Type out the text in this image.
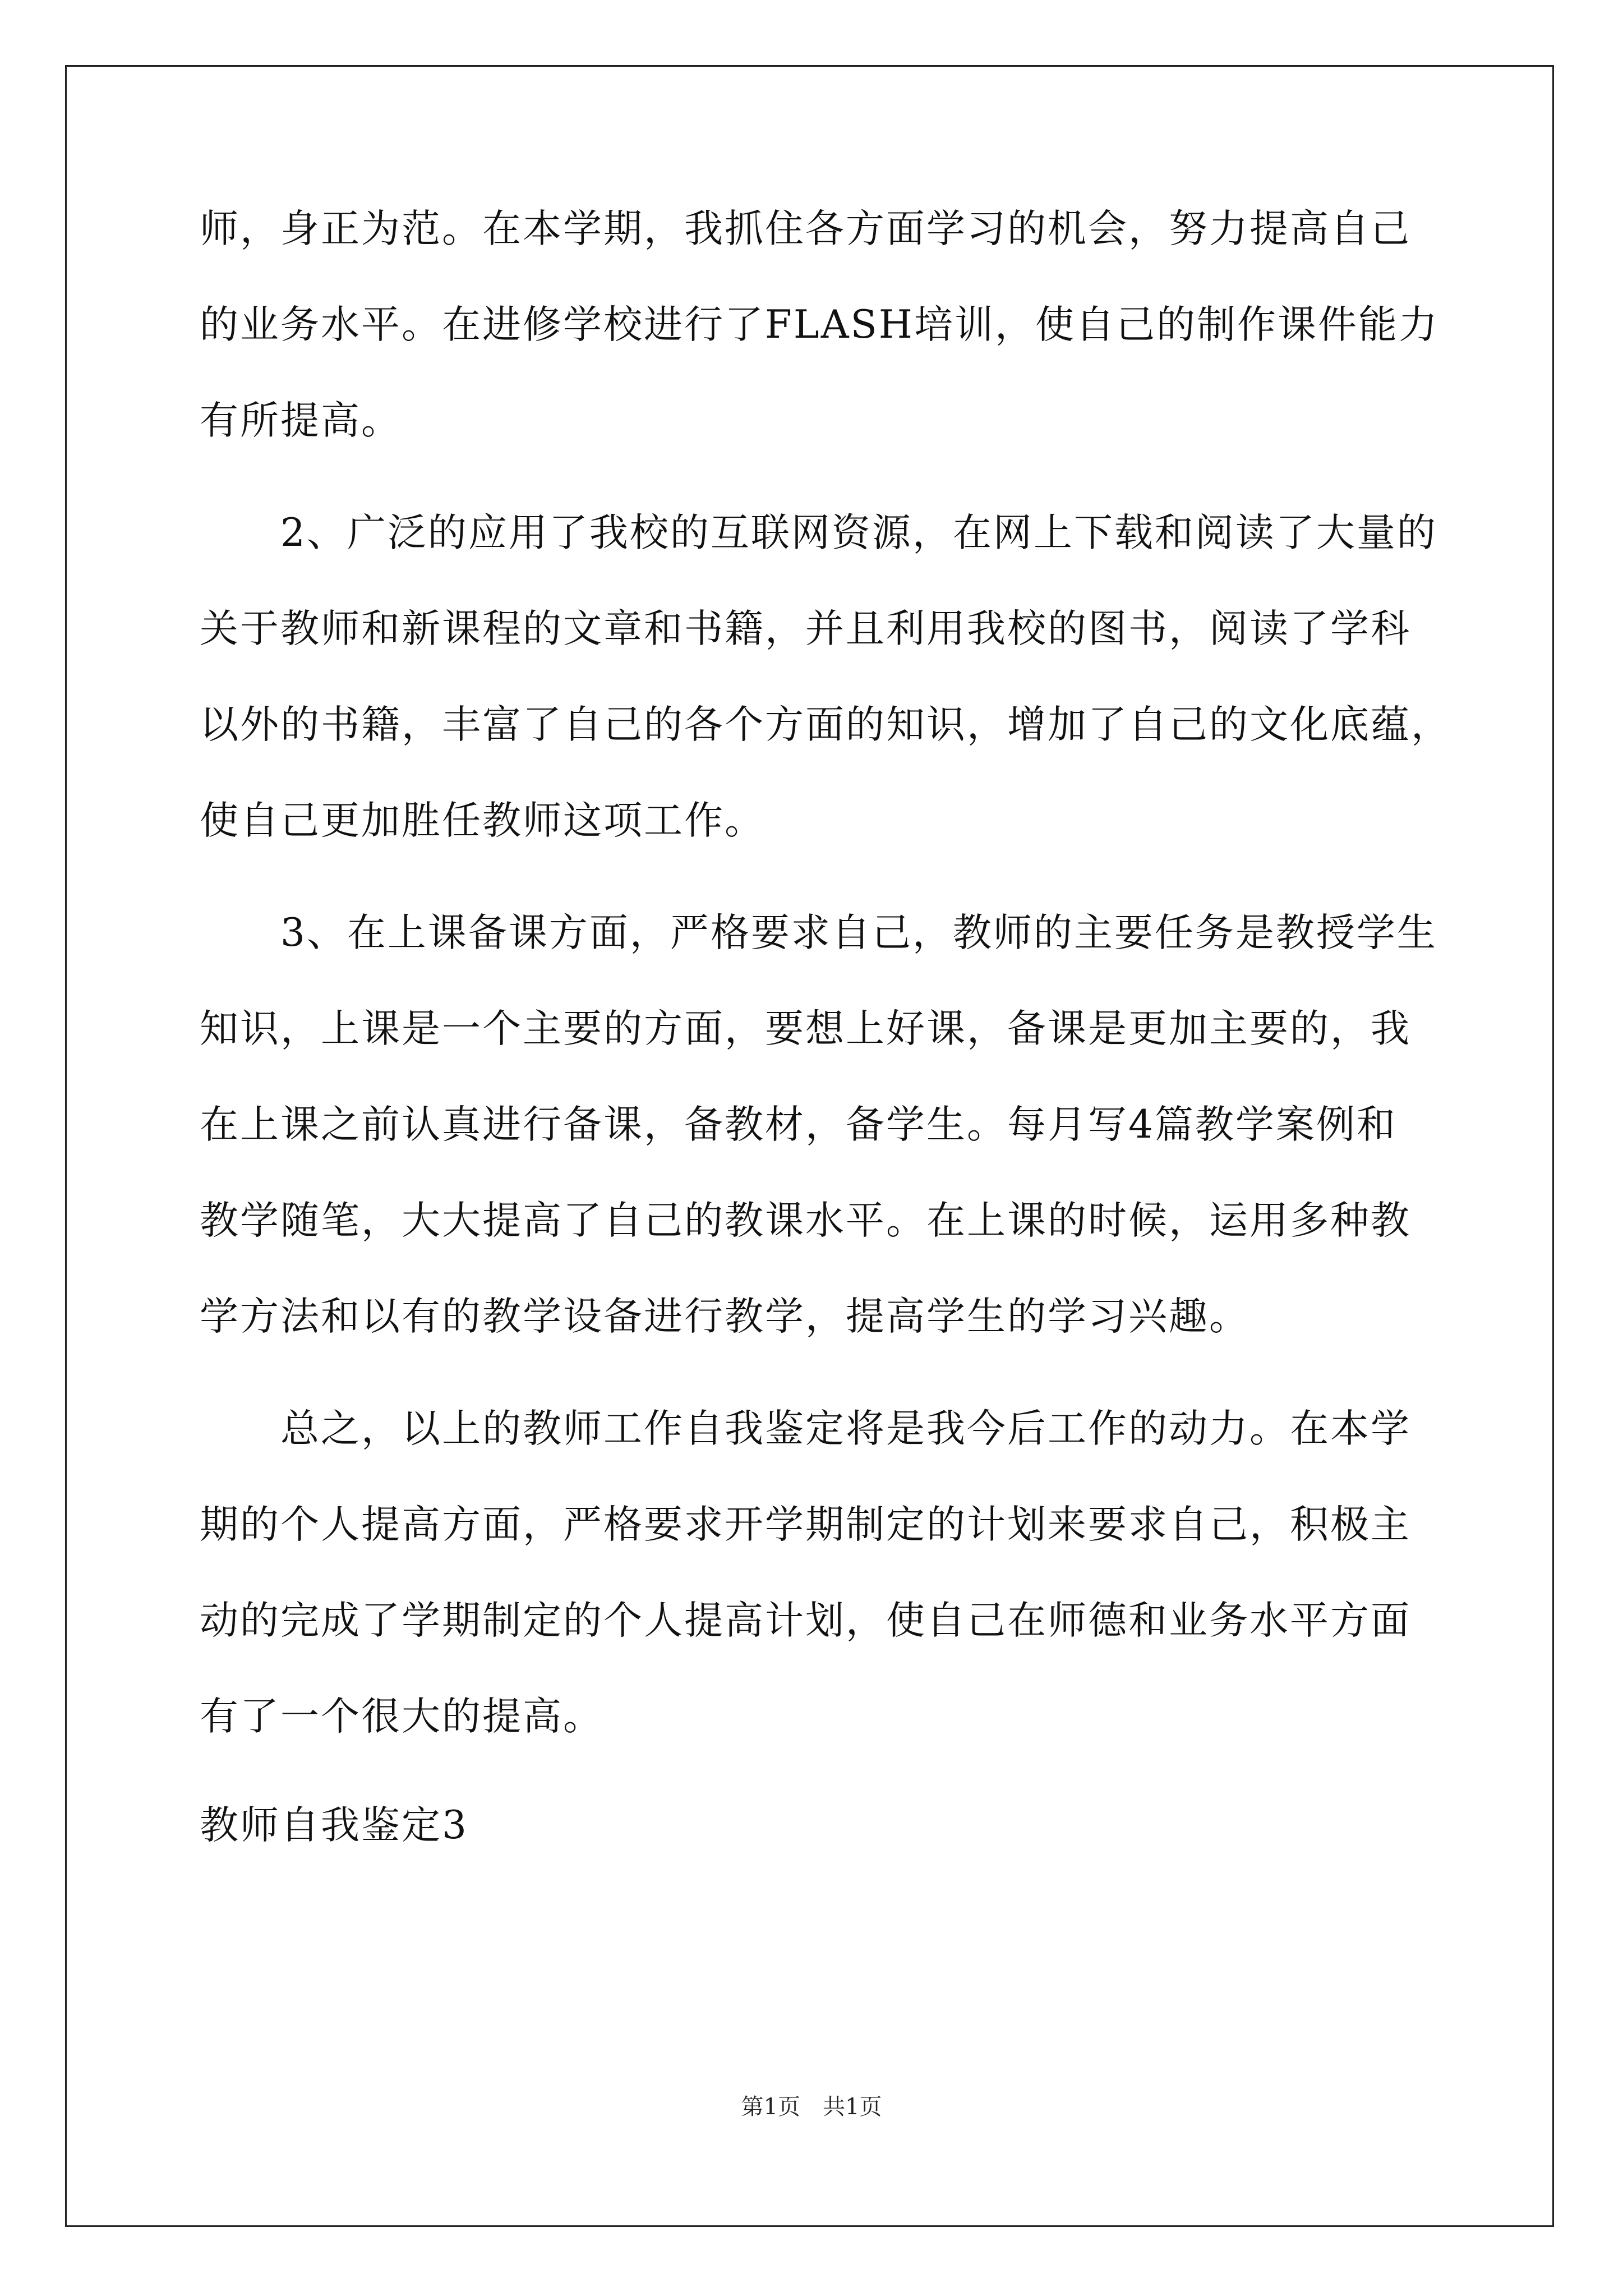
师，身正为范。在本学期，我抓住各方面学习的机会，努力提高自己
的业务水平。在进修学校进行了FLASH培训，使自己的制作课件能力
有所提高。
　　2、广泛的应用了我校的互联网资源，在网上下载和阅读了大量的
关于教师和新课程的文章和书籍，并且利用我校的图书，阅读了学科
以外的书籍，丰富了自己的各个方面的知识，增加了自己的文化底蕴，
使自己更加胜任教师这项工作。
　　3、在上课备课方面，严格要求自己，教师的主要任务是教授学生
知识，上课是一个主要的方面，要想上好课，备课是更加主要的，我
在上课之前认真进行备课，备教材，备学生。每月写4篇教学案例和
教学随笔，大大提高了自己的教课水平。在上课的时候，运用多种教
学方法和以有的教学设备进行教学，提高学生的学习兴趣。
　　总之，以上的教师工作自我鉴定将是我今后工作的动力。在本学
期的个人提高方面，严格要求开学期制定的计划来要求自己，积极主
动的完成了学期制定的个人提高计划，使自己在师德和业务水平方面
有了一个很大的提高。
教师自我鉴定3
第1页　共1页
